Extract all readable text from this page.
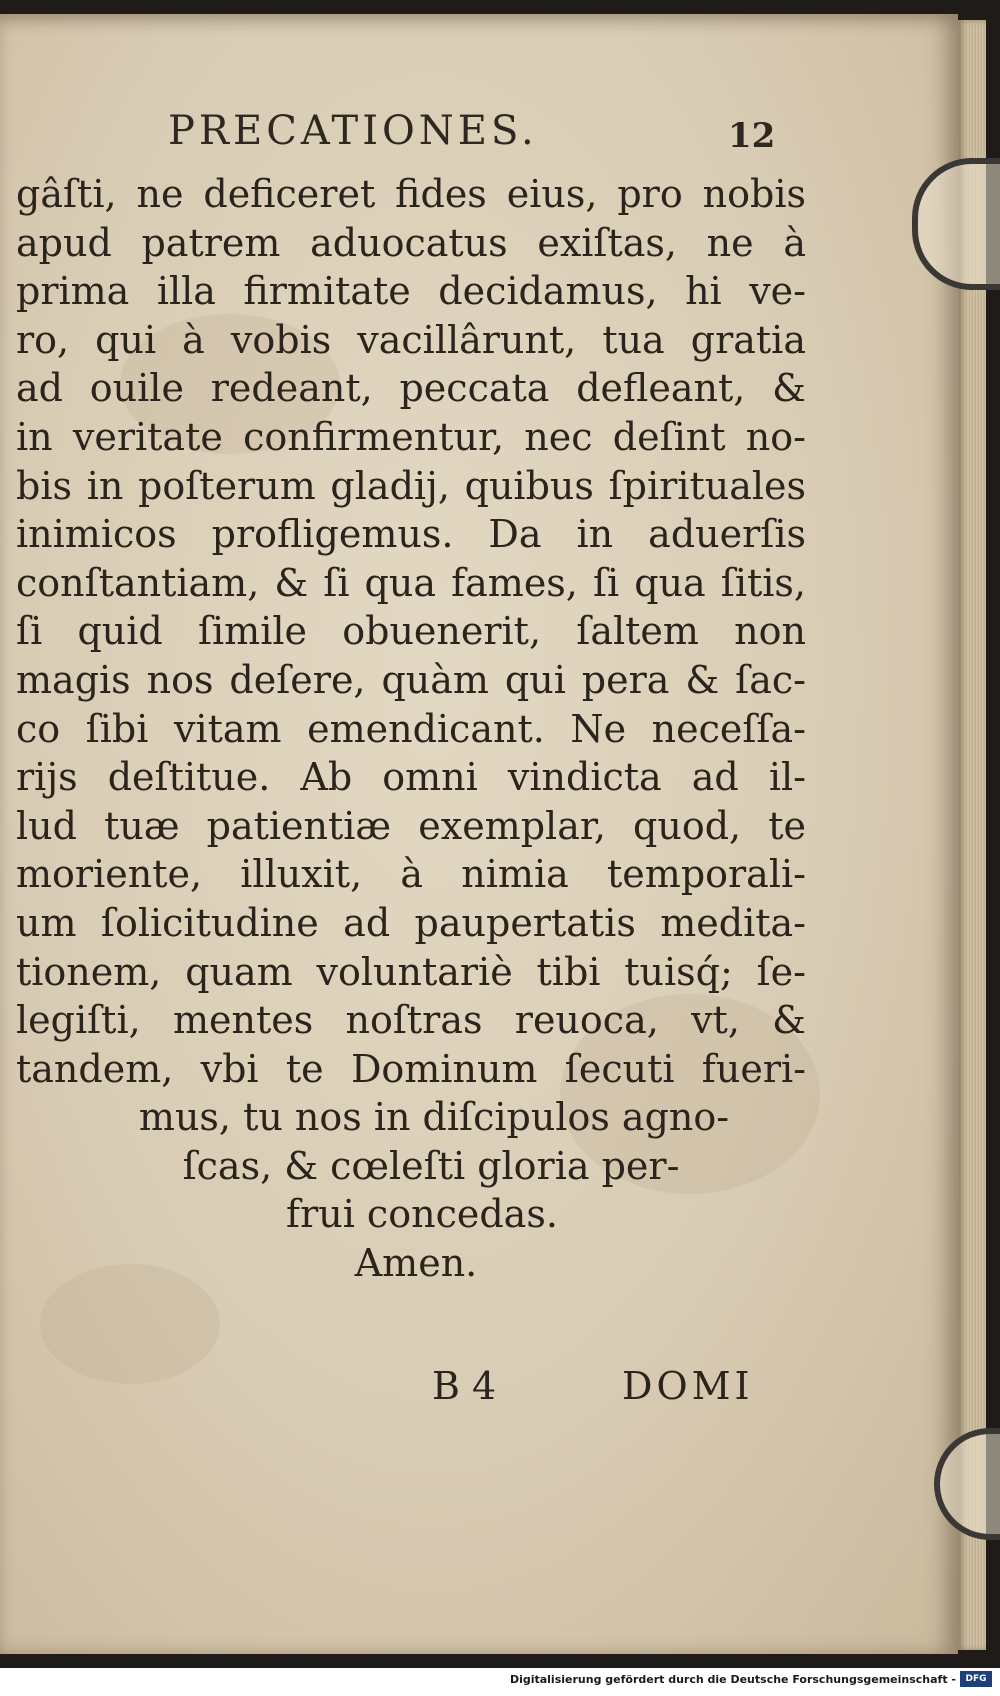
PRECATIONES.	12
gâſti, ne deficeret fides eius, pro nobis
apud patrem aduocatus exiſtas, ne à
prima illa firmitate decidamus, hi ve-
ro, qui à vobis vacillârunt, tua gratia
ad ouile redeant, peccata defleant, &
in veritate confirmentur, nec deſint no-
bis in poſterum gladij, quibus ſpirituales
inimicos profligemus. Da in aduerſis
conſtantiam, & ſi qua fames, ſi qua ſitis,
ſi quid ſimile obuenerit, ſaltem non
magis nos deſere, quàm qui pera & ſac-
co ſibi vitam emendicant. Ne neceſſa-
rijs deſtitue. Ab omni vindicta ad il-
lud tuæ patientiæ exemplar, quod, te
moriente, illuxit, à nimia temporali-
um ſolicitudine ad paupertatis medita-
tionem, quam voluntariè tibi tuisq́; ſe-
legiſti, mentes noſtras reuoca, vt, &
tandem, vbi te Dominum ſecuti fueri-
mus, tu nos in diſcipulos agno-
ſcas, & cœleſti gloria per-
frui concedas.
Amen.
B 4	DOMI
Digitalisierung gefördert durch die Deutsche Forschungsgemeinschaft -	DFG
